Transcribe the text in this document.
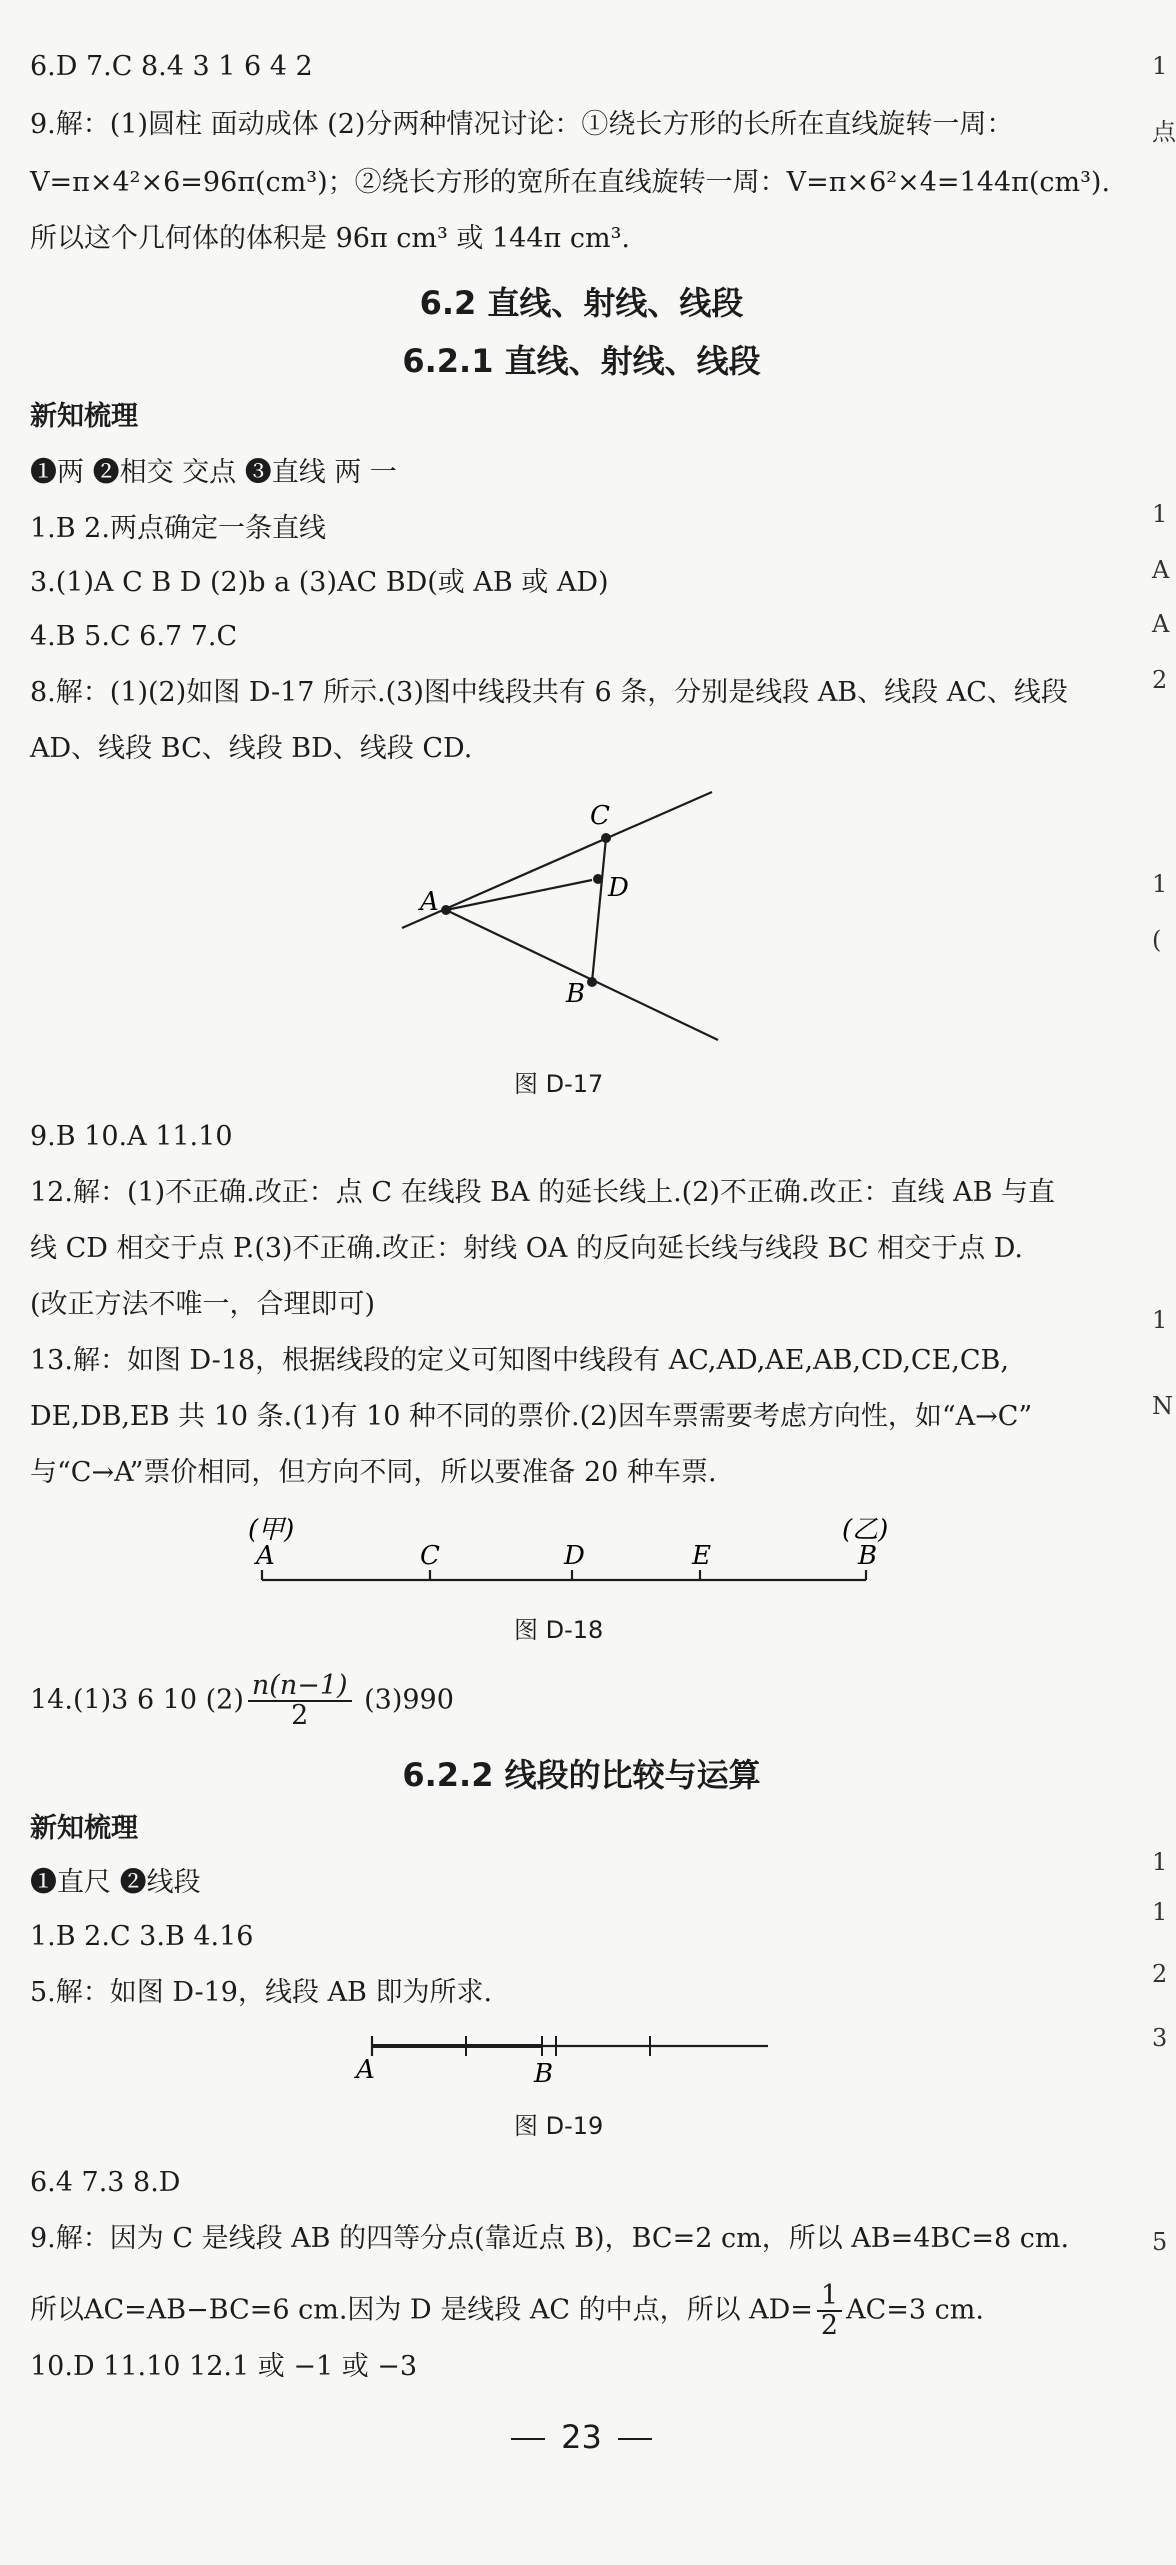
6.D 7.C 8.4 3 1 6 4 2
9.解：(1)圆柱 面动成体 (2)分两种情况讨论：①绕长方形的长所在直线旋转一周：
V=π×4²×6=96π(cm³)；②绕长方形的宽所在直线旋转一周：V=π×6²×4=144π(cm³).
所以这个几何体的体积是 96π cm³ 或 144π cm³.
6.2 直线、射线、线段
6.2.1 直线、射线、线段
新知梳理
❶两 ❷相交 交点 ❸直线 两 一
1.B 2.两点确定一条直线
3.(1)A C B D (2)b a (3)AC BD(或 AB 或 AD)
4.B 5.C 6.7 7.C
8.解：(1)(2)如图 D-17 所示.(3)图中线段共有 6 条，分别是线段 AB、线段 AC、线段
AD、线段 BC、线段 BD、线段 CD.
A
C
D
B
图 D-17
9.B 10.A 11.10
12.解：(1)不正确.改正：点 C 在线段 BA 的延长线上.(2)不正确.改正：直线 AB 与直
线 CD 相交于点 P.(3)不正确.改正：射线 OA 的反向延长线与线段 BC 相交于点 D.
(改正方法不唯一，合理即可)
13.解：如图 D-18，根据线段的定义可知图中线段有 AC,AD,AE,AB,CD,CE,CB,
DE,DB,EB 共 10 条.(1)有 10 种不同的票价.(2)因车票需要考虑方向性，如“A→C”
与“C→A”票价相同，但方向不同，所以要准备 20 种车票.
(甲)	(乙)
A	C	D	E	B
图 D-18
14.(1)3 6 10 $(2) \frac{n(n-1)}{2} (3)990$
6.2.2 线段的比较与运算
新知梳理
❶直尺 ❷线段
1.B 2.C 3.B 4.16
5.解：如图 D-19，线段 AB 即为所求.
A	B
图 D-19
6.4 7.3 8.D
9.解：因为 C 是线段 AB 的四等分点(靠近点 B)，BC=2 cm，所以 AB=4BC=8 cm.
所以AC=AB−BC=6 cm.因为 D 是线段 AC 的中点，所以 $AD= \frac{1}{2} AC=3$ cm.
10.D 11.10 12.1 或 −1 或 −3
23
1
点
1
A
A
2
1
(
1
N
1
1
2
3
5
